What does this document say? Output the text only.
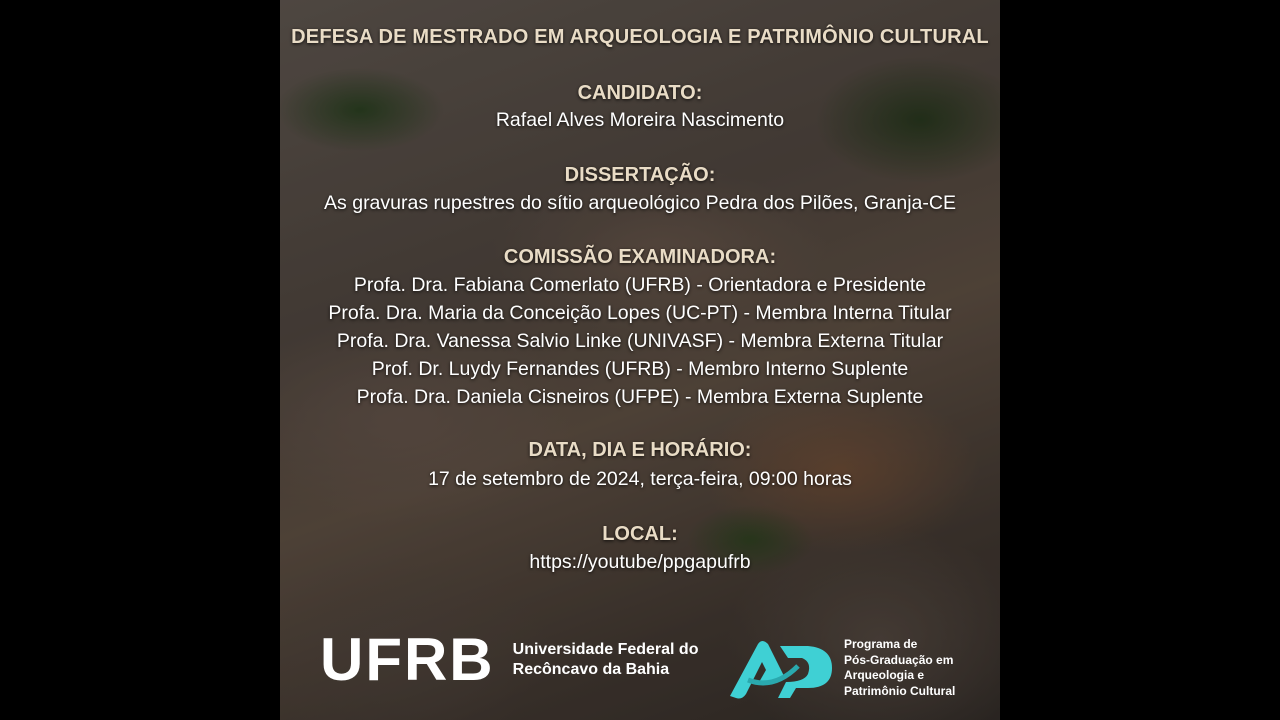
DEFESA DE MESTRADO EM ARQUEOLOGIA E PATRIMÔNIO CULTURAL
CANDIDATO:
Rafael Alves Moreira Nascimento
DISSERTAÇÃO:
As gravuras rupestres do sítio arqueológico Pedra dos Pilões, Granja-CE
COMISSÃO EXAMINADORA:
Profa. Dra. Fabiana Comerlato (UFRB) - Orientadora e Presidente
Profa. Dra. Maria da Conceição Lopes (UC-PT) - Membra Interna Titular
Profa. Dra. Vanessa Salvio Linke (UNIVASF) - Membra Externa Titular
Prof. Dr. Luydy Fernandes (UFRB) - Membro Interno Suplente
Profa. Dra. Daniela Cisneiros (UFPE) - Membra Externa Suplente
DATA, DIA E HORÁRIO:
17 de setembro de 2024, terça-feira, 09:00 horas
LOCAL:
https://youtube/ppgapufrb
UFRB Universidade Federal do
Recôncavo da Bahia
Programa de
Pós-Graduação em
Arqueologia e
Patrimônio Cultural
